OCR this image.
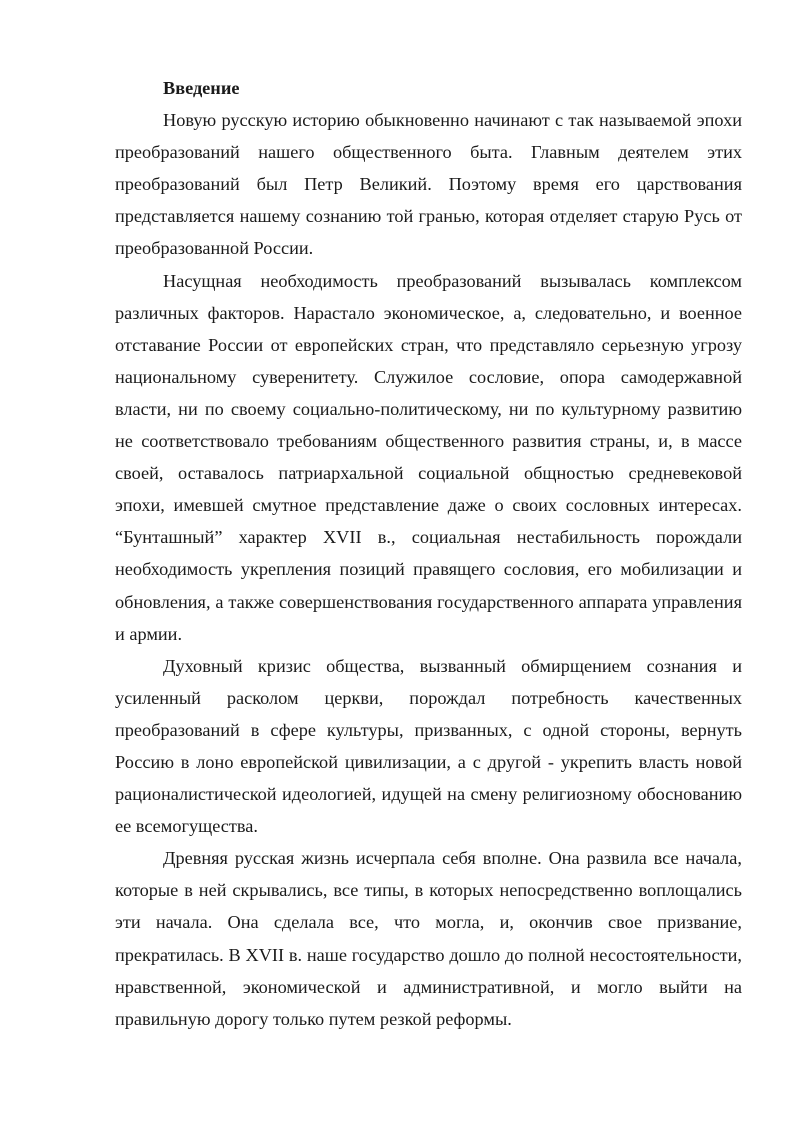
Введение

Новую русскую историю обыкновенно начинают с так называемой эпохи преобразований нашего общественного быта. Главным деятелем этих преобразований был Петр Великий. Поэтому время его царствования представляется нашему сознанию той гранью, которая отделяет старую Русь от преобразованной России.

Насущная необходимость преобразований вызывалась комплексом различных факторов. Нарастало экономическое, а, следовательно, и военное отставание России от европейских стран, что представляло серьезную угрозу национальному суверенитету. Служилое сословие, опора самодержавной власти, ни по своему социально-политическому, ни по культурному развитию не соответствовало требованиям общественного развития страны, и, в массе своей, оставалось патриархальной социальной общностью средневековой эпохи, имевшей смутное представление даже о своих сословных интересах. “Бунташный” характер XVII в., социальная нестабильность порождали необходимость укрепления позиций правящего сословия, его мобилизации и обновления, а также совершенствования государственного аппарата управления и армии.

Духовный кризис общества, вызванный обмирщением сознания и усиленный расколом церкви, порождал потребность качественных преобразований в сфере культуры, призванных, с одной стороны, вернуть Россию в лоно европейской цивилизации, а с другой - укрепить власть новой рационалистической идеологией, идущей на смену религиозному обоснованию ее всемогущества.

Древняя русская жизнь исчерпала себя вполне. Она развила все начала, которые в ней скрывались, все типы, в которых непосредственно воплощались эти начала. Она сделала все, что могла, и, окончив свое призвание, прекратилась. В XVII в. наше государство дошло до полной несостоятельности, нравственной, экономической и административной, и могло выйти на правильную дорогу только путем резкой реформы.
